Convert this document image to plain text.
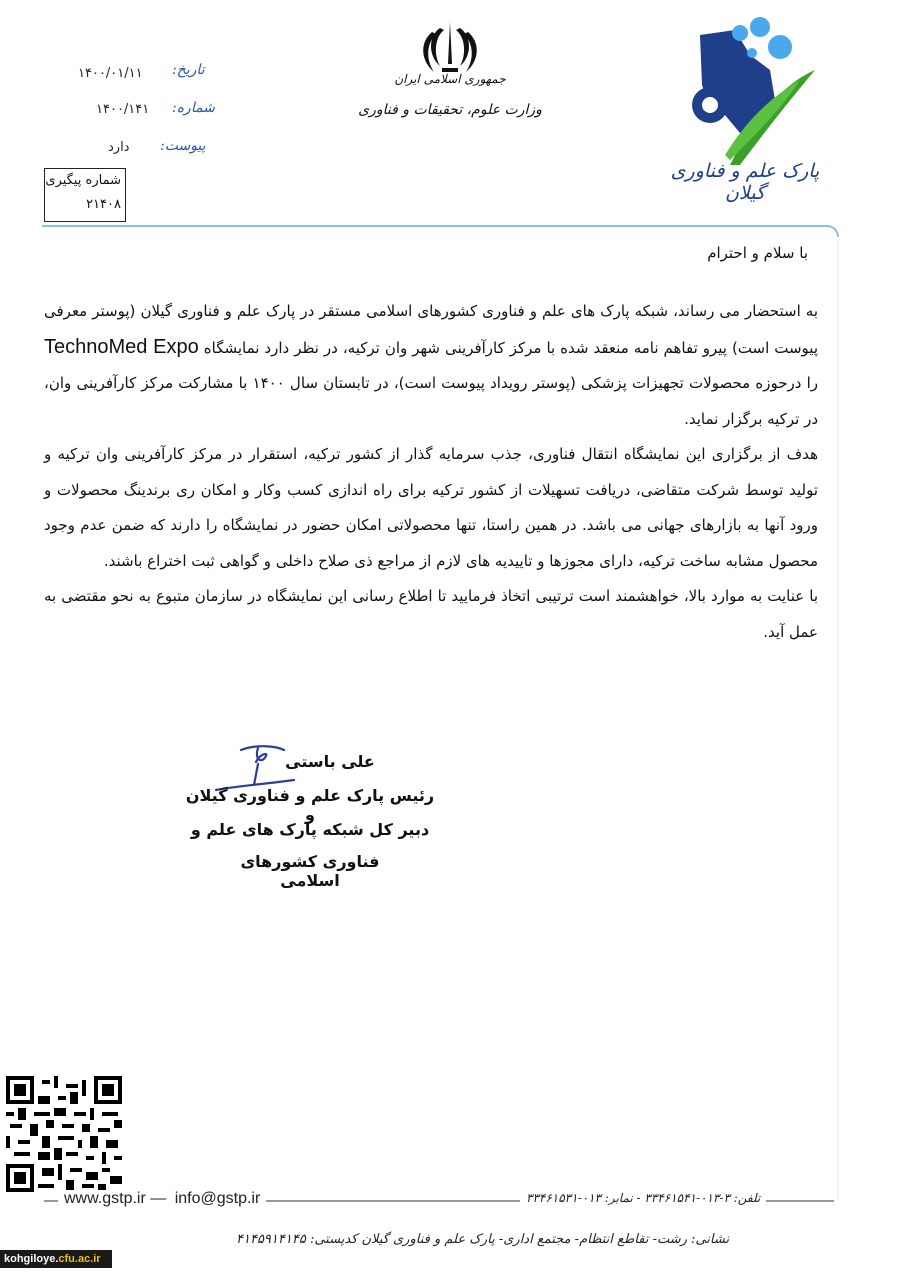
پارک علم و فناوری گیلان
جمهوری اسلامی ایران
وزارت علوم، تحقیقات و فناوری
تاریخ:
۱۴۰۰/۰۱/۱۱
شماره:
۱۴۰۰/۱۴۱
پیوست:
دارد
شماره پیگیری
۲۱۴۰۸
با سلام و احترام

به استحضار می رساند، شبکه پارک های علم و فناوری کشورهای اسلامی مستقر در پارک علم و فناوری گیلان (پوستر معرفی پیوست است) پیرو تفاهم نامه منعقد شده با مرکز کارآفرینی شهر وان ترکیه، در نظر دارد نمایشگاه TechnoMed Expo را درحوزه محصولات تجهیزات پزشکی (پوستر رویداد پیوست است)، در تابستان سال ۱۴۰۰ با مشارکت مرکز کارآفرینی وان، در ترکیه برگزار نماید.

هدف از برگزاری این نمایشگاه انتقال فناوری، جذب سرمایه گذار از کشور ترکیه، استقرار در مرکز کارآفرینی وان ترکیه و تولید توسط شرکت متقاضی، دریافت تسهیلات از کشور ترکیه برای راه اندازی کسب وکار و امکان ری برندینگ محصولات و ورود آنها به بازارهای جهانی می باشد. در همین راستا، تنها محصولاتی امکان حضور در نمایشگاه را دارند که ضمن عدم وجود محصول مشابه ساخت ترکیه، دارای مجوزها و تاییدیه های لازم از مراجع ذی صلاح داخلی و گواهی ثبت اختراع باشند.

با عنایت به موارد بالا، خواهشمند است ترتیبی اتخاذ فرمایید تا اطلاع رسانی این نمایشگاه در سازمان متبوع به نحو مقتضی به عمل آید.

علی باستی
رئیس پارک علم و فناوری گیلان و
دبیر کل شبکه پارک های علم و
فناوری کشورهای اسلامی
www.gstp.ir — info@gstp.ir	تلفن: ۳-۰۱۳-۳۳۴۶۱۵۴۱ - نمابر: ۰۱۳-۳۳۴۶۱۵۳۱
نشانی: رشت- تقاطع انتظام- مجتمع اداری- پارک علم و فناوری گیلان کدپستی: ۴۱۴۵۹۱۴۱۴۵
kohgiloye.cfu.ac.ir
